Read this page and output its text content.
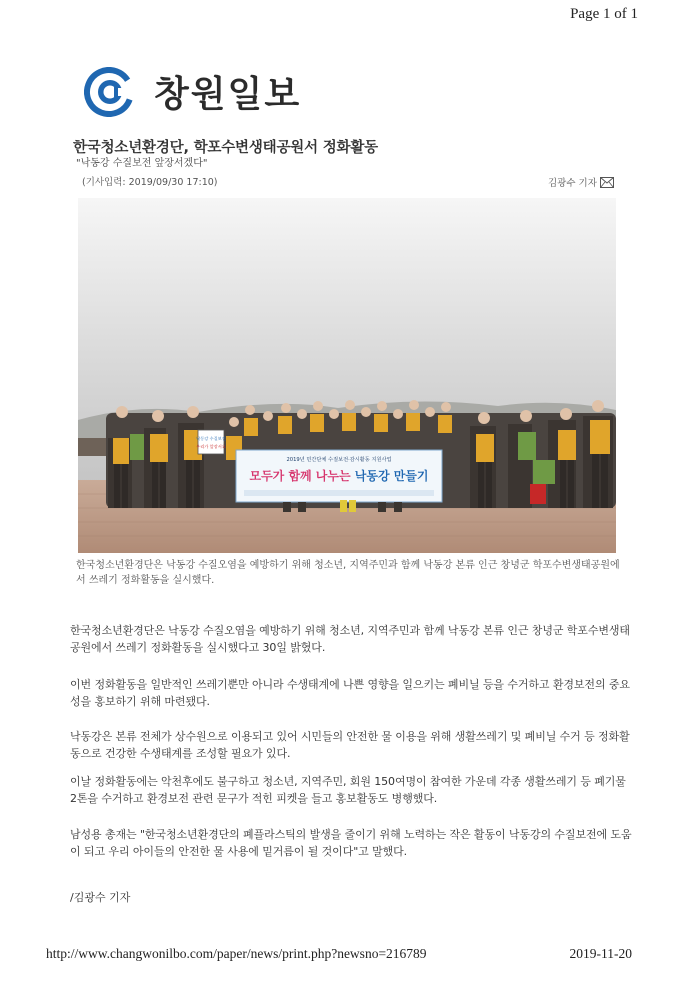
Page 1 of 1
창원일보
한국청소년환경단, 학포수변생태공원서 정화활동
"낙동강 수질보전 앞장서겠다"
(기사입력: 2019/09/30 17:10)	김광수 기자
낙동강 수질보전
우리가 앞장서요
2019년 민간단체 수질보전·감시활동 지원사업
모두가 함께 나누는 낙동강 만들기
한국청소년환경단은 낙동강 수질오염을 예방하기 위해 청소년, 지역주민과 함께 낙동강 본류 인근 창녕군 학포수변생태공원에서 쓰레기 정화활동을 실시했다.
한국청소년환경단은 낙동강 수질오염을 예방하기 위해 청소년, 지역주민과 함께 낙동강 본류 인근 창녕군 학포수변생태공원에서 쓰레기 정화활동을 실시했다고 30일 밝혔다.
이번 정화활동을 일반적인 쓰레기뿐만 아니라 수생태계에 나쁜 영향을 일으키는 폐비닐 등을 수거하고 환경보전의 중요성을 홍보하기 위해 마련됐다.
낙동강은 본류 전체가 상수원으로 이용되고 있어 시민들의 안전한 물 이용을 위해 생활쓰레기 및 폐비닐 수거 등 정화활동으로 건강한 수생태계를 조성할 필요가 있다.
이날 정화활동에는 악천후에도 불구하고 청소년, 지역주민, 회원 150여명이 참여한 가운데 각종 생활쓰레기 등 폐기물 2톤을 수거하고 환경보전 관련 문구가 적힌 피켓을 들고 홍보활동도 병행했다.
남성용 총재는 "한국청소년환경단의 폐플라스틱의 발생을 줄이기 위해 노력하는 작은 활동이 낙동강의 수질보전에 도움이 되고 우리 아이들의 안전한 물 사용에 밑거름이 될 것이다"고 말했다.
/김광수 기자
http://www.changwonilbo.com/paper/news/print.php?newsno=216789	2019-11-20
